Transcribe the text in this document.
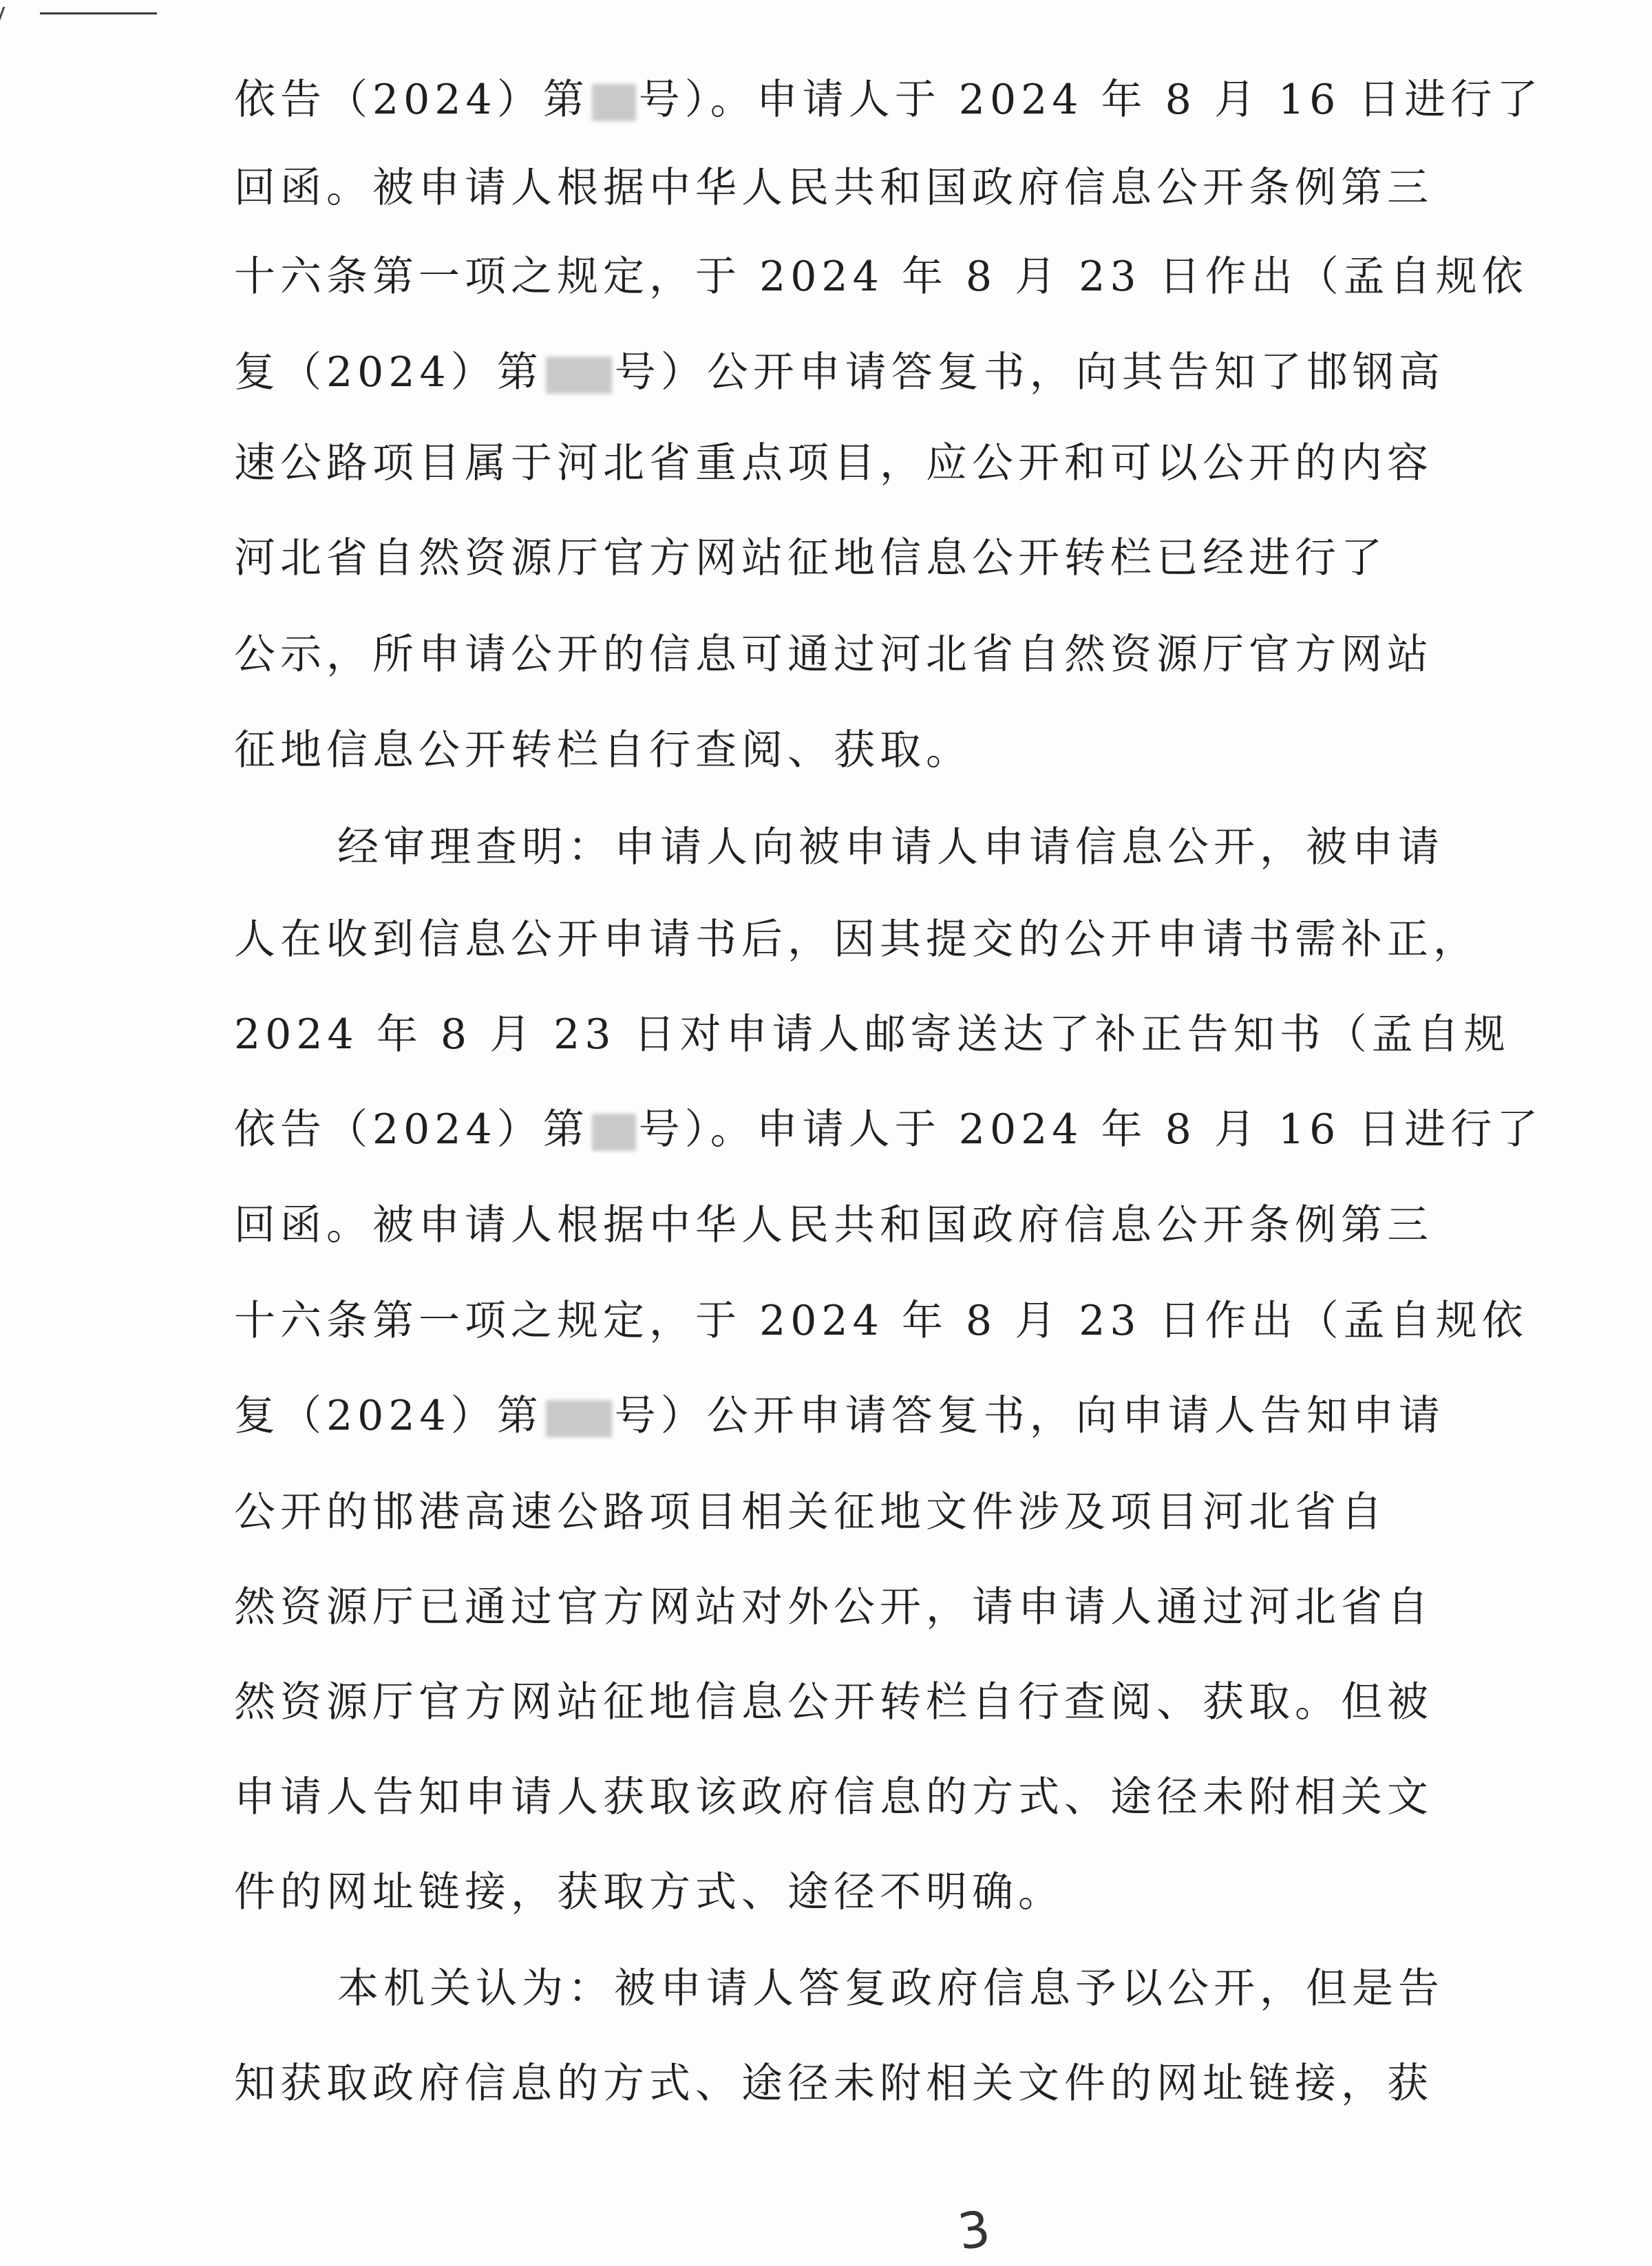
依告（2024）第 号）。申请人于 2024 年 8 月 16 日进行了
回函。被申请人根据中华人民共和国政府信息公开条例第三
十六条第一项之规定，于 2024 年 8 月 23 日作出（孟自规依
复（2024）第 号）公开申请答复书，向其告知了邯钢高
速公路项目属于河北省重点项目，应公开和可以公开的内容
河北省自然资源厅官方网站征地信息公开转栏已经进行了
公示，所申请公开的信息可通过河北省自然资源厅官方网站
征地信息公开转栏自行查阅、获取。
经审理查明：申请人向被申请人申请信息公开，被申请
人在收到信息公开申请书后，因其提交的公开申请书需补正，
2024 年 8 月 23 日对申请人邮寄送达了补正告知书（孟自规
依告（2024）第 号）。申请人于 2024 年 8 月 16 日进行了
回函。被申请人根据中华人民共和国政府信息公开条例第三
十六条第一项之规定，于 2024 年 8 月 23 日作出（孟自规依
复（2024）第 号）公开申请答复书，向申请人告知申请
公开的邯港高速公路项目相关征地文件涉及项目河北省自
然资源厅已通过官方网站对外公开，请申请人通过河北省自
然资源厅官方网站征地信息公开转栏自行查阅、获取。但被
申请人告知申请人获取该政府信息的方式、途径未附相关文
件的网址链接，获取方式、途径不明确。
本机关认为：被申请人答复政府信息予以公开，但是告
知获取政府信息的方式、途径未附相关文件的网址链接，获
3
